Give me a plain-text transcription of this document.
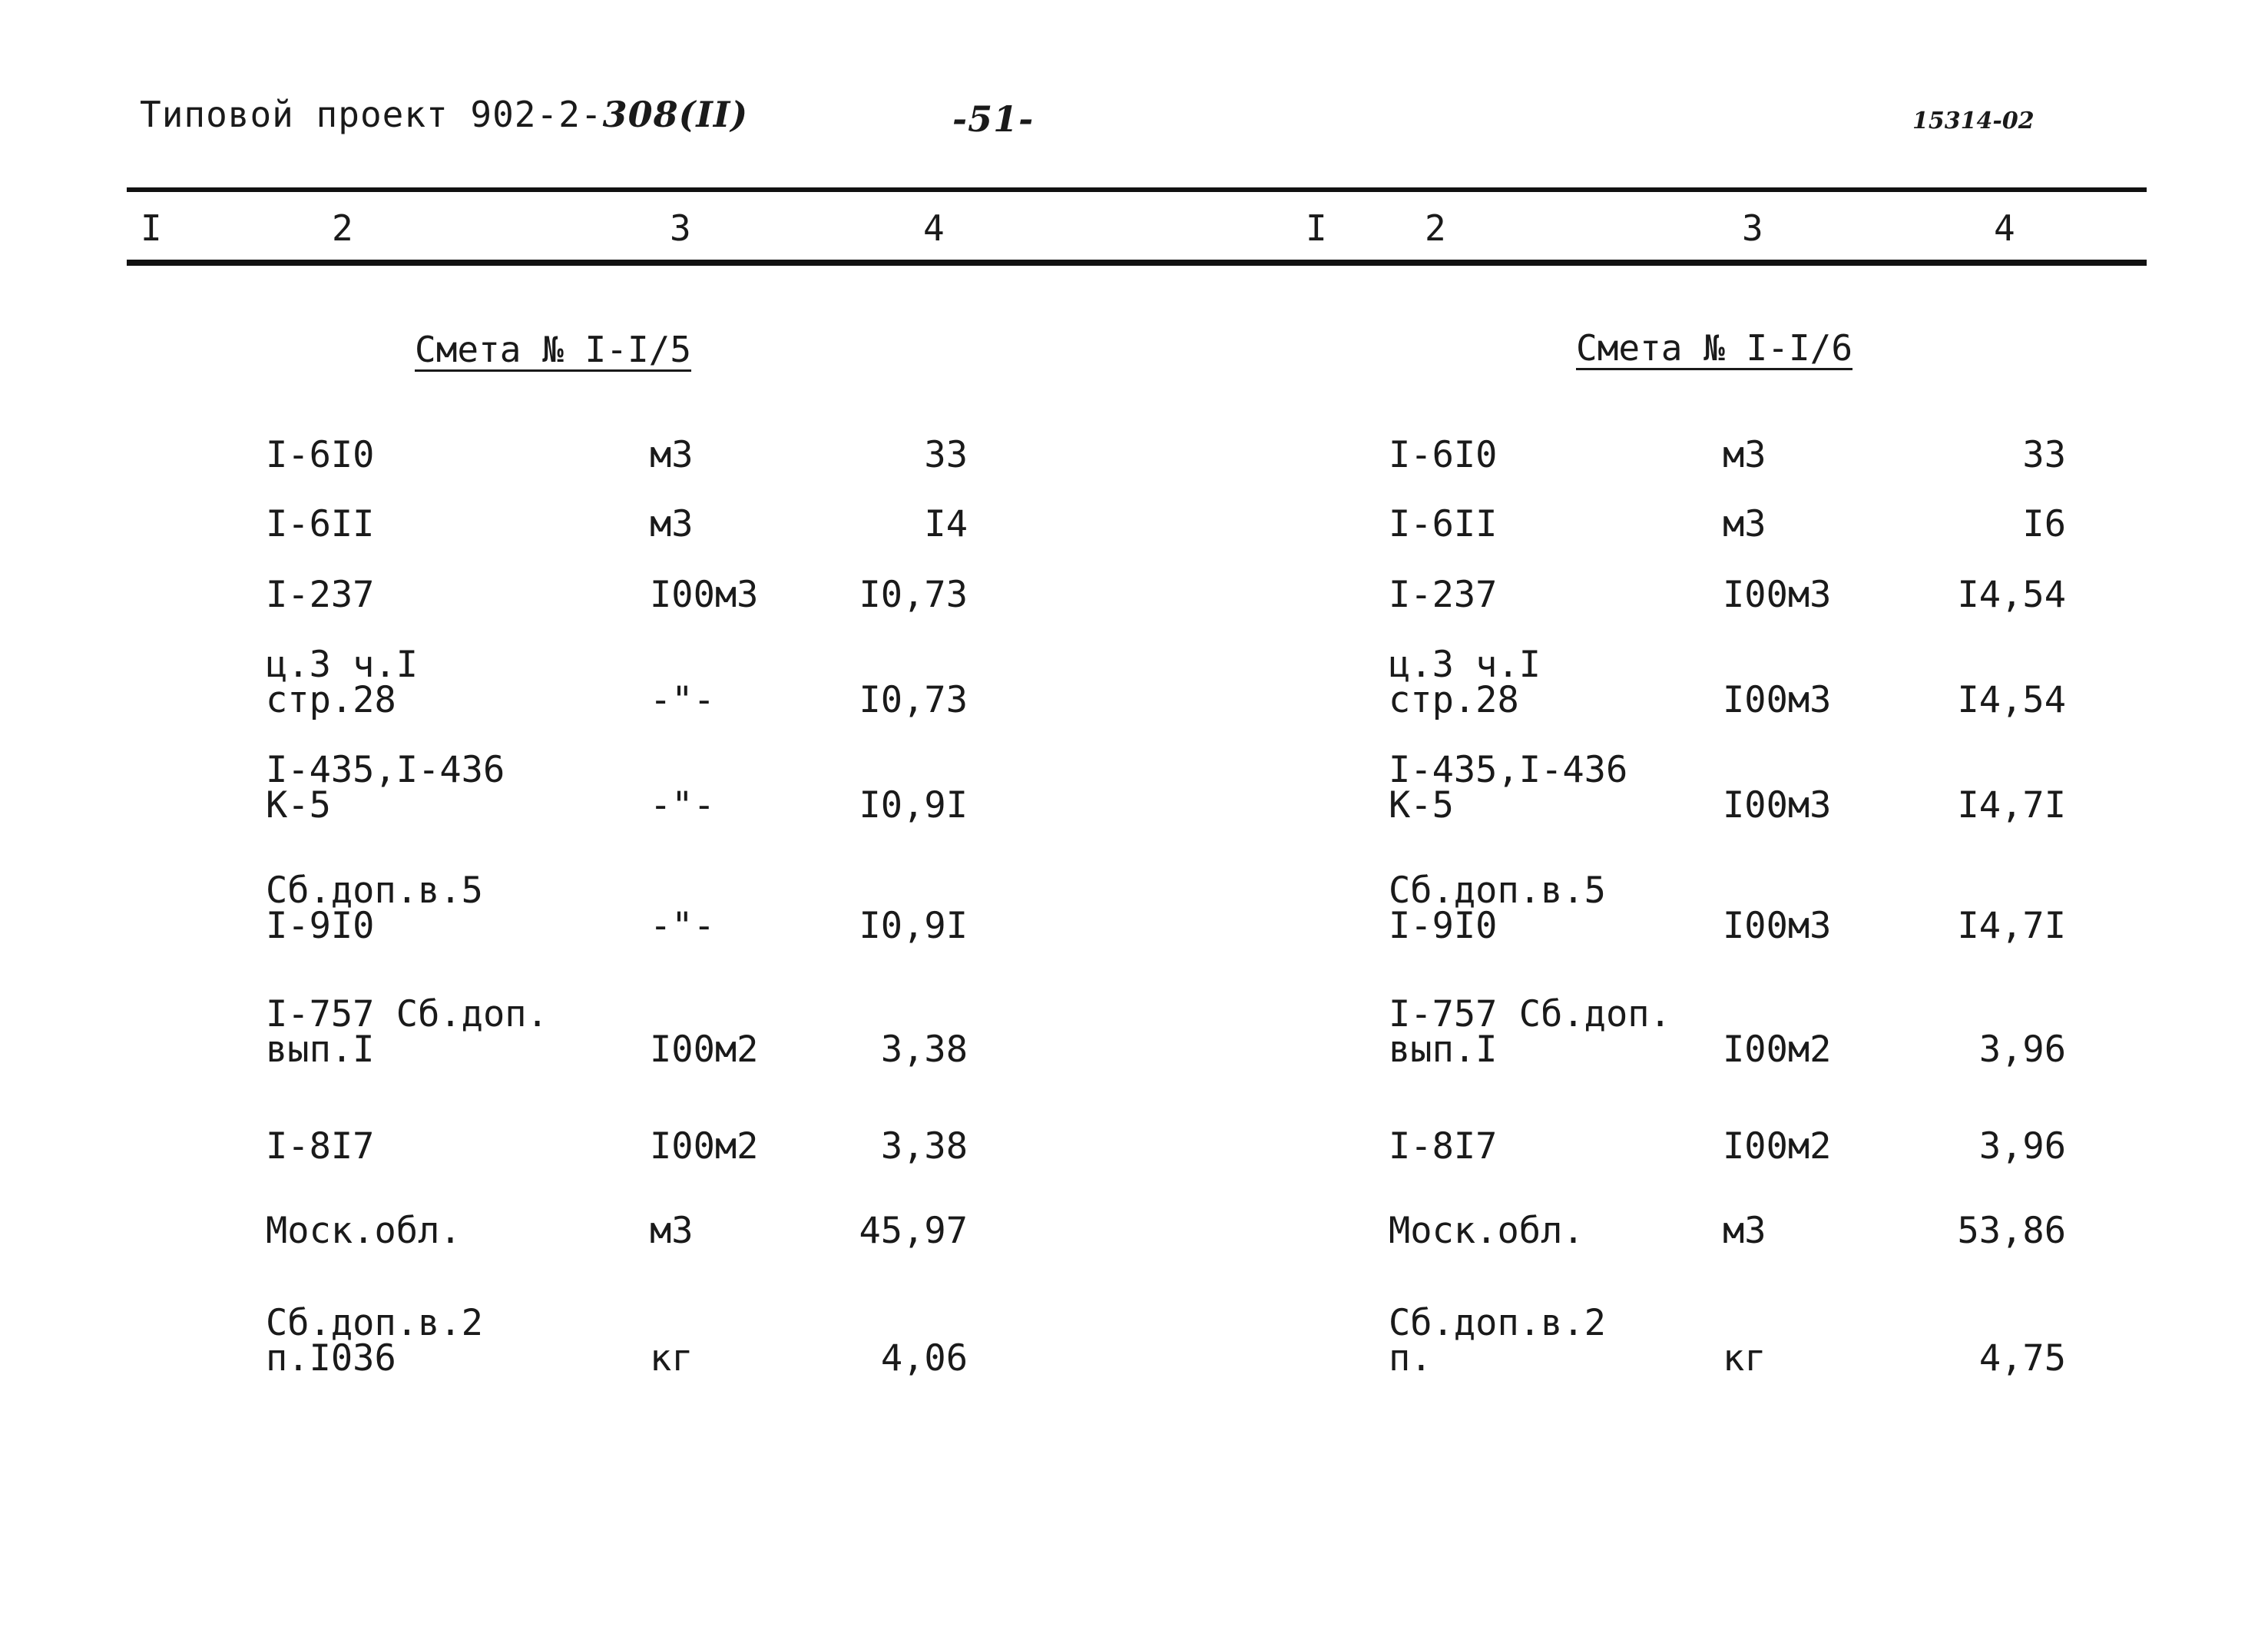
Типовой проект 902-2-308(II)	-51-	15314-02
I	2	3	4	I	2	3	4
Смета № I-I/5	Смета № I-I/6
I-6I0	м3	33
I-6II	м3	I4
I-237	I00м3	I0,73
ц.3 ч.I
стр.28	-"-	I0,73
I-435,I-436
К-5	-"-	I0,9I
Сб.доп.в.5
I-9I0	-"-	I0,9I
I-757 Сб.доп.
вып.I	I00м2	3,38
I-8I7	I00м2	3,38
Моск.обл.	м3	45,97
Сб.доп.в.2
п.I036	кг	4,06
I-6I0	м3	33
I-6II	м3	I6
I-237	I00м3	I4,54
ц.3 ч.I
стр.28	I00м3	I4,54
I-435,I-436
К-5	I00м3	I4,7I
Сб.доп.в.5
I-9I0	I00м3	I4,7I
I-757 Сб.доп.
вып.I	I00м2	3,96
I-8I7	I00м2	3,96
Моск.обл.	м3	53,86
Сб.доп.в.2
п.	кг	4,75
